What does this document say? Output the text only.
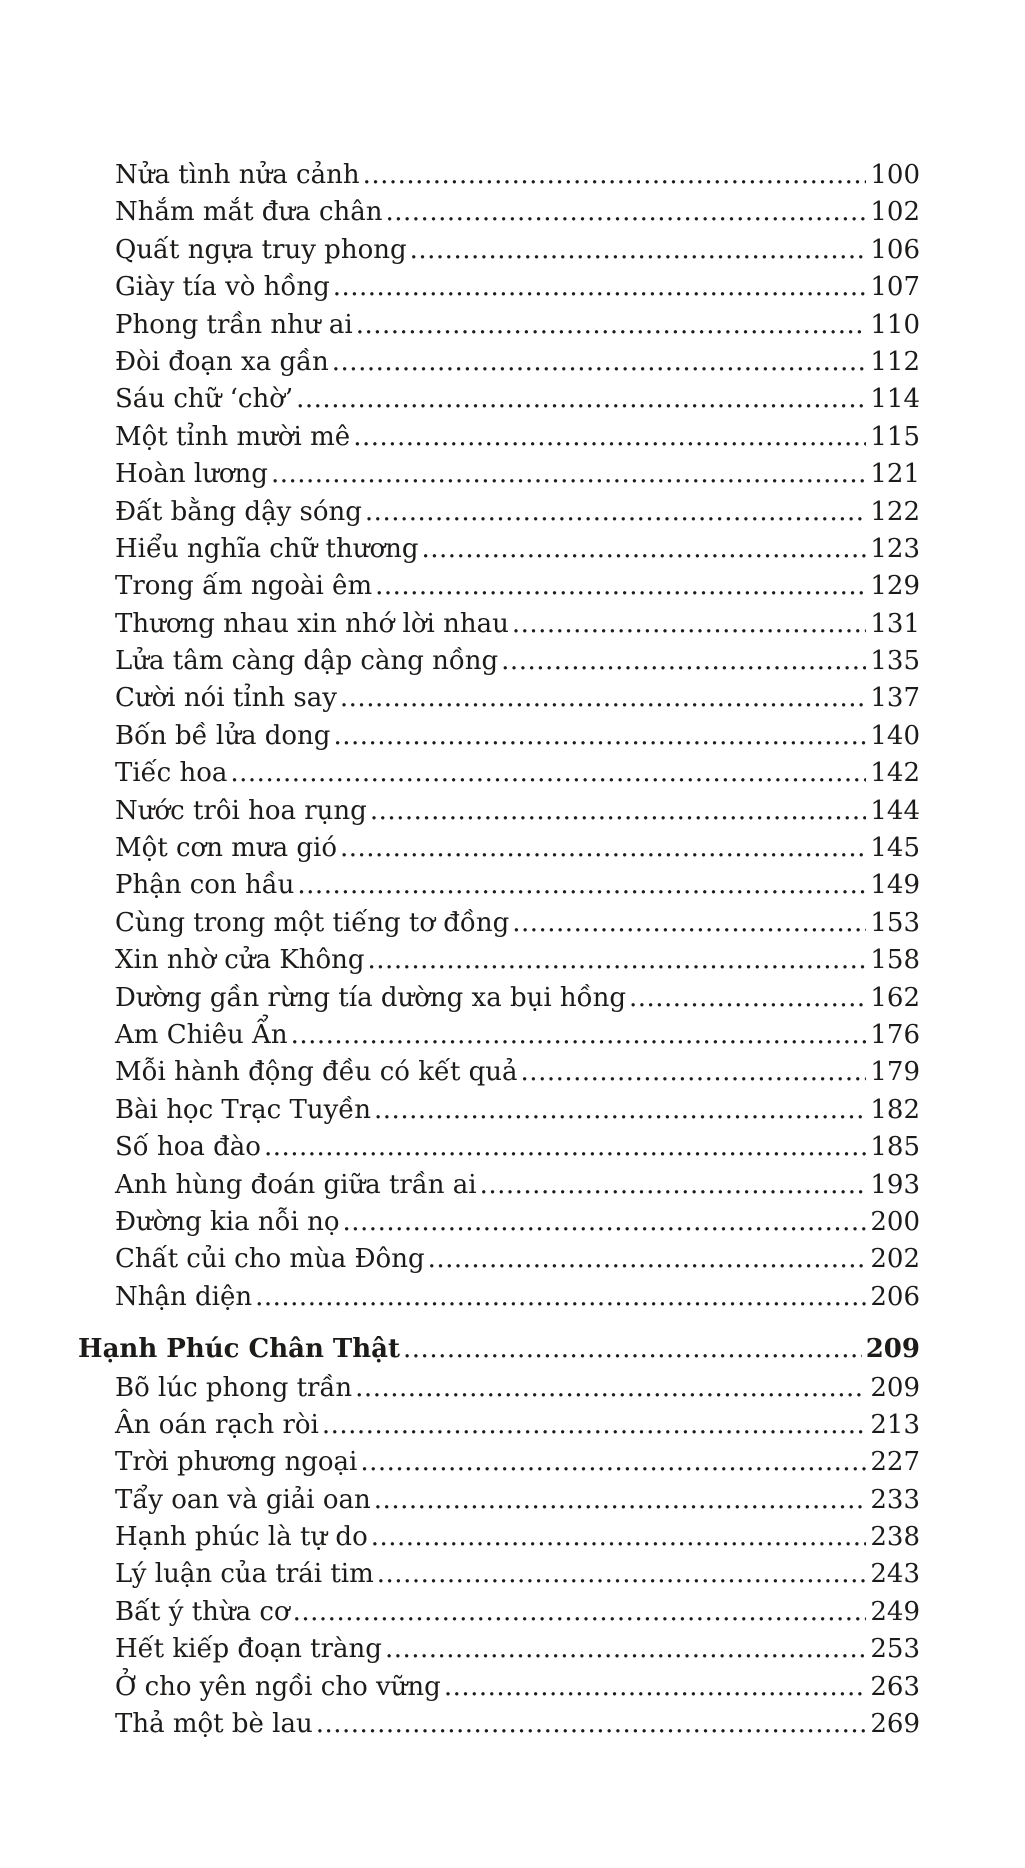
Nửa tình nửa cảnh .....	100
Nhắm mắt đưa chân .....	102
Quất ngựa truy phong .....	106
Giày tía vò hồng .....	107
Phong trần như ai .....	110
Đòi đoạn xa gần .....	112
Sáu chữ ‘chờ’ .....	114
Một tỉnh mười mê .....	115
Hoàn lương .....	121
Đất bằng dậy sóng .....	122
Hiểu nghĩa chữ thương .....	123
Trong ấm ngoài êm .....	129
Thương nhau xin nhớ lời nhau .....	131
Lửa tâm càng dập càng nồng .....	135
Cười nói tỉnh say .....	137
Bốn bề lửa dong .....	140
Tiếc hoa .....	142
Nước trôi hoa rụng .....	144
Một cơn mưa gió .....	145
Phận con hầu .....	149
Cùng trong một tiếng tơ đồng .....	153
Xin nhờ cửa Không .....	158
Dường gần rừng tía dường xa bụi hồng .....	162
Am Chiêu Ẩn .....	176
Mỗi hành động đều có kết quả .....	179
Bài học Trạc Tuyền .....	182
Số hoa đào .....	185
Anh hùng đoán giữa trần ai .....	193
Đường kia nỗi nọ .....	200
Chất củi cho mùa Đông .....	202
Nhận diện .....	206
Hạnh Phúc Chân Thật .....	209
Bõ lúc phong trần .....	209
Ân oán rạch ròi .....	213
Trời phương ngoại .....	227
Tẩy oan và giải oan .....	233
Hạnh phúc là tự do .....	238
Lý luận của trái tim .....	243
Bất ý thừa cơ .....	249
Hết kiếp đoạn tràng .....	253
Ở cho yên ngồi cho vững .....	263
Thả một bè lau .....	269
